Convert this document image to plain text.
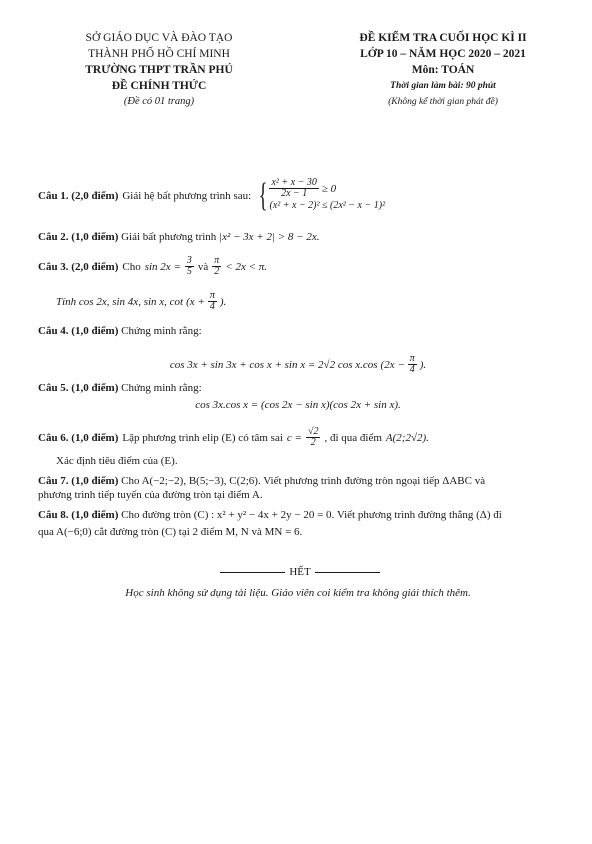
SỞ GIÁO DỤC VÀ ĐÀO TẠO
THÀNH PHỐ HỒ CHÍ MINH
TRƯỜNG THPT TRẦN PHÚ
ĐỀ CHÍNH THỨC
(Đề có 01 trang)
ĐỀ KIỂM TRA CUỐI HỌC KÌ II
LỚP 10 – NĂM HỌC 2020 – 2021
Môn: TOÁN
Thời gian làm bài: 90 phút
(Không kể thời gian phát đề)
Câu 1. (2,0 điểm) Giải hệ bất phương trình sau: { $\frac{\text{x² + x − 30}}{2x - 1} \ge 0$
(x² + x − 2)² ≤ (2x² − x − 1)²
Câu 2. (1,0 điểm) Giải bất phương trình |x² − 3x + 2| > 8 − 2x.
Câu 3. (2,0 điểm) Cho $\sin 2x = \frac{3}{5}$ và $\frac{\pi}{2} < 2x < \pi$.
Tính cos 2x, sin 4x, sin x, $\cot (x + \frac{\pi}{4}$ ).
Câu 4. (1,0 điểm) Chứng minh rằng:
cos 3x + sin 3x + cos x + sin x = 2√2 cos x.cos ($2x - \frac{\pi}{4}$ ).
Câu 5. (1,0 điểm) Chứng minh rằng:
cos 3x.cos x = (cos 2x − sin x)(cos 2x + sin x).
Câu 6. (1,0 điểm) Lập phương trình elip (E) có tâm sai $c = \frac{√2}{2}$ , đi qua điểm A(2;2√2).
Xác định tiêu điểm của (E).
Câu 7. (1,0 điểm) Cho A(−2;−2), B(5;−3), C(2;6). Viết phương trình đường tròn ngoại tiếp ΔABC và
phương trình tiếp tuyến của đường tròn tại điểm A.
Câu 8. (1,0 điểm) Cho đường tròn (C) : x² + y² − 4x + 2y − 20 = 0. Viết phương trình đường thẳng (Δ) đi
qua A(−6;0) cắt đường tròn (C) tại 2 điểm M, N và MN = 6.
HẾT
Học sinh không sử dụng tài liệu. Giáo viên coi kiểm tra không giải thích thêm.
